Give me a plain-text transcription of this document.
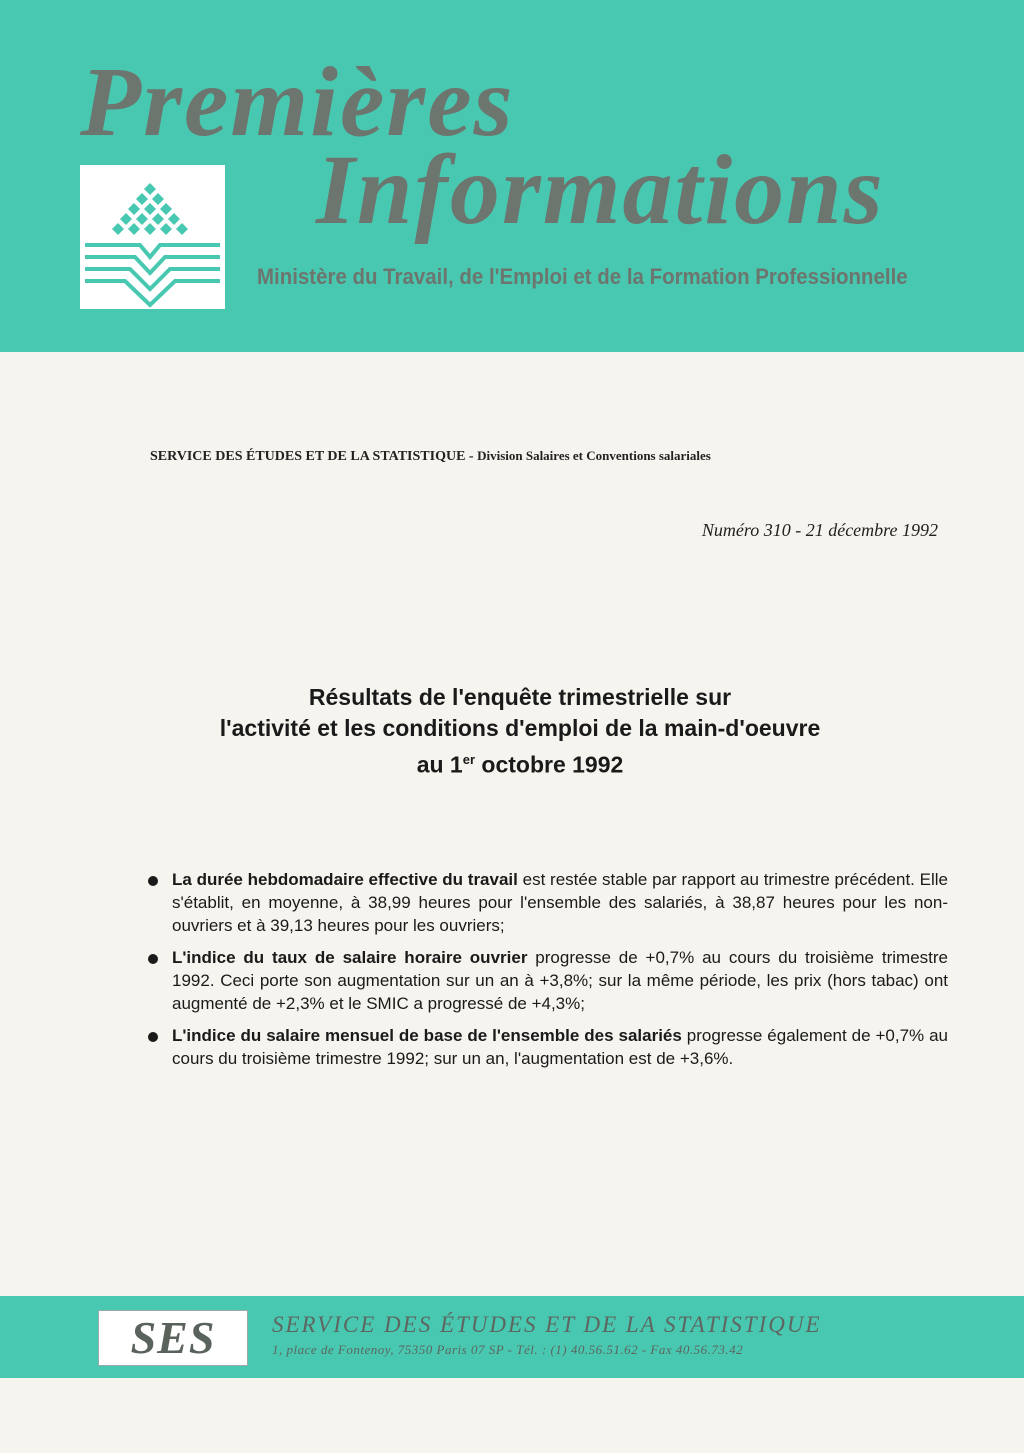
Premières
Informations
Ministère du Travail, de l'Emploi et de la Formation Professionnelle
SERVICE DES ÉTUDES ET DE LA STATISTIQUE - Division Salaires et Conventions salariales
Numéro 310 - 21 décembre 1992
Résultats de l'enquête trimestrielle sur
l'activité et les conditions d'emploi de la main-d'oeuvre
au 1er octobre 1992
La durée hebdomadaire effective du travail est restée stable par rapport au trimestre précédent. Elle s'établit, en moyenne, à 38,99 heures pour l'ensemble des salariés, à 38,87 heures pour les non-ouvriers et à 39,13 heures pour les ouvriers;
L'indice du taux de salaire horaire ouvrier progresse de +0,7% au cours du troisième trimestre 1992. Ceci porte son augmentation sur un an à +3,8%; sur la même période, les prix (hors tabac) ont augmenté de +2,3% et le SMIC a progressé de +4,3%;
L'indice du salaire mensuel de base de l'ensemble des salariés progresse également de +0,7% au cours du troisième trimestre 1992; sur un an, l'augmentation est de +3,6%.
SES	SERVICE DES ÉTUDES ET DE LA STATISTIQUE
1, place de Fontenoy, 75350 Paris 07 SP - Tél. : (1) 40.56.51.62 - Fax 40.56.73.42
